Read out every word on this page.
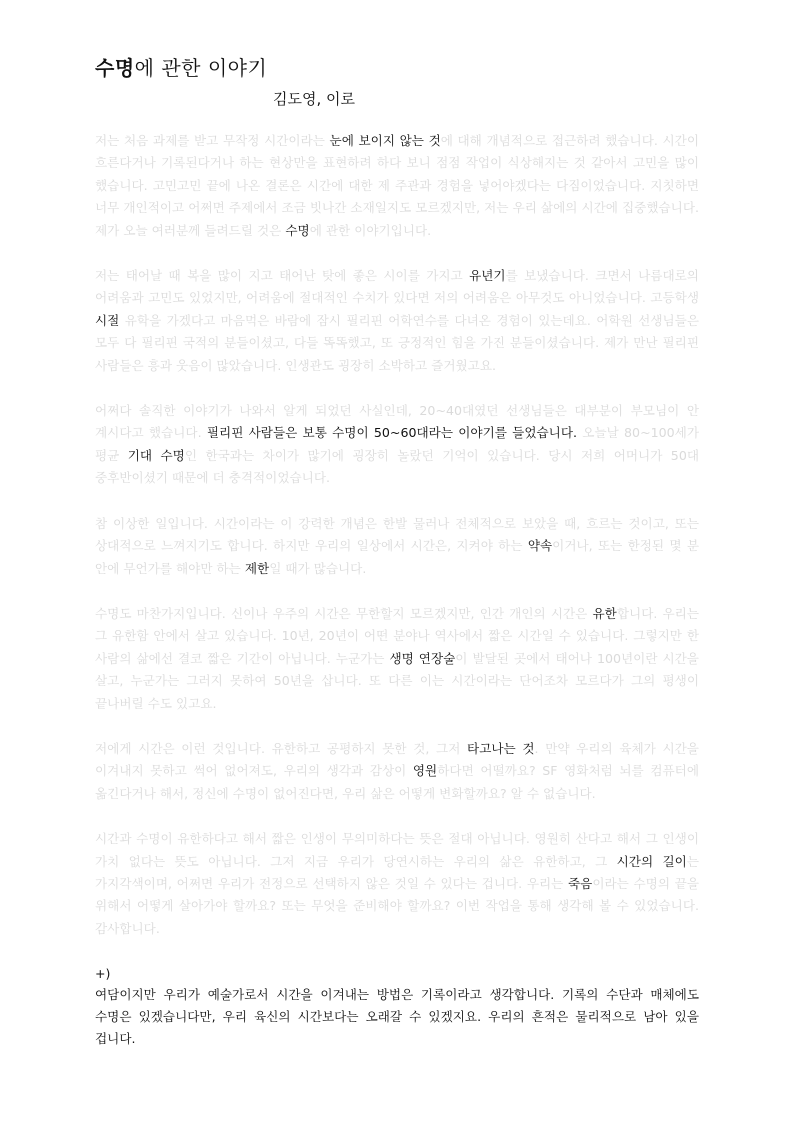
수명에 관한 이야기

김도영, 이로

저는 처음 과제를 받고 무작정 시간이라는 눈에 보이지 않는 것에 대해 개념적으로 접근하려 했습니다. 시간이 흐른다거나 기록된다거나 하는 현상만을 표현하려 하다 보니 점점 작업이 식상해지는 것 같아서 고민을 많이 했습니다. 고민고민 끝에 나온 결론은 시간에 대한 제 주관과 경험을 넣어야겠다는 다짐이었습니다. 지칫하면 너무 개인적이고 어쩌면 주제에서 조금 빗나간 소재일지도 모르겠지만, 저는 우리 삶에의 시간에 집중했습니다. 제가 오늘 여러분께 들려드릴 것은 수명에 관한 이야기입니다.

저는 태어날 때 복을 많이 지고 태어난 탓에 좋은 시이를 가지고 유년기를 보냈습니다. 크면서 나름대로의 어려움과 고민도 있었지만, 어려움에 절대적인 수치가 있다면 저의 어려움은 아무것도 아니었습니다. 고등학생 시절 유학을 가겠다고 마음먹은 바람에 잠시 필리핀 어학연수를 다녀온 경험이 있는데요. 어학원 선생님들은 모두 다 필리핀 국적의 분들이셨고, 다들 똑똑했고, 또 긍정적인 힘을 가진 분들이셨습니다. 제가 만난 필리핀 사람들은 흥과 웃음이 많았습니다. 인생관도 굉장히 소박하고 즐거웠고요.

어쩌다 솔직한 이야기가 나와서 알게 되었던 사실인데, 20~40대였던 선생님들은 대부분이 부모님이 안 계시다고 했습니다. 필리핀 사람들은 보통 수명이 50~60대라는 이야기를 들었습니다. 오늘날 80~100세가 평균 기대 수명인 한국과는 차이가 많기에 굉장히 놀랐던 기억이 있습니다. 당시 저희 어머니가 50대 중후반이셨기 때문에 더 충격적이었습니다.

참 이상한 일입니다. 시간이라는 이 강력한 개념은 한발 물러나 전체적으로 보았을 때, 흐르는 것이고, 또는 상대적으로 느껴지기도 합니다. 하지만 우리의 일상에서 시간은, 지켜야 하는 약속이거나, 또는 한정된 몇 분 안에 무언가를 해야만 하는 제한일 때가 많습니다.

수명도 마찬가지입니다. 신이나 우주의 시간은 무한할지 모르겠지만, 인간 개인의 시간은 유한합니다. 우리는 그 유한함 안에서 살고 있습니다. 10년, 20년이 어떤 분야나 역사에서 짧은 시간일 수 있습니다. 그렇지만 한 사람의 삶에선 결코 짧은 기간이 아닙니다. 누군가는 생명 연장술이 발달된 곳에서 태어나 100년이란 시간을 살고, 누군가는 그러지 못하여 50년을 삽니다. 또 다른 이는 시간이라는 단어조차 모르다가 그의 평생이 끝나버릴 수도 있고요.

저에게 시간은 이런 것입니다. 유한하고 공평하지 못한 것, 그저 타고나는 것. 만약 우리의 육체가 시간을 이겨내지 못하고 썩어 없어져도, 우리의 생각과 감상이 영원하다면 어떨까요? SF 영화처럼 뇌를 컴퓨터에 옮긴다거나 해서, 정신에 수명이 없어진다면, 우리 삶은 어떻게 변화할까요? 알 수 없습니다.

시간과 수명이 유한하다고 해서 짧은 인생이 무의미하다는 뜻은 절대 아닙니다. 영원히 산다고 해서 그 인생이 가치 없다는 뜻도 아닙니다. 그저 지금 우리가 당연시하는 우리의 삶은 유한하고, 그 시간의 길이는 가지각색이며, 어쩌면 우리가 전정으로 선택하지 않은 것일 수 있다는 겁니다. 우리는 죽음이라는 수명의 끝을 위해서 어떻게 살아가야 할까요? 또는 무엇을 준비해야 할까요? 이번 작업을 통해 생각해 볼 수 있었습니다. 감사합니다.

+)

여담이지만 우리가 예술가로서 시간을 이겨내는 방법은 기록이라고 생각합니다. 기록의 수단과 매체에도 수명은 있겠습니다만, 우리 육신의 시간보다는 오래갈 수 있겠지요. 우리의 흔적은 물리적으로 남아 있을 겁니다.
